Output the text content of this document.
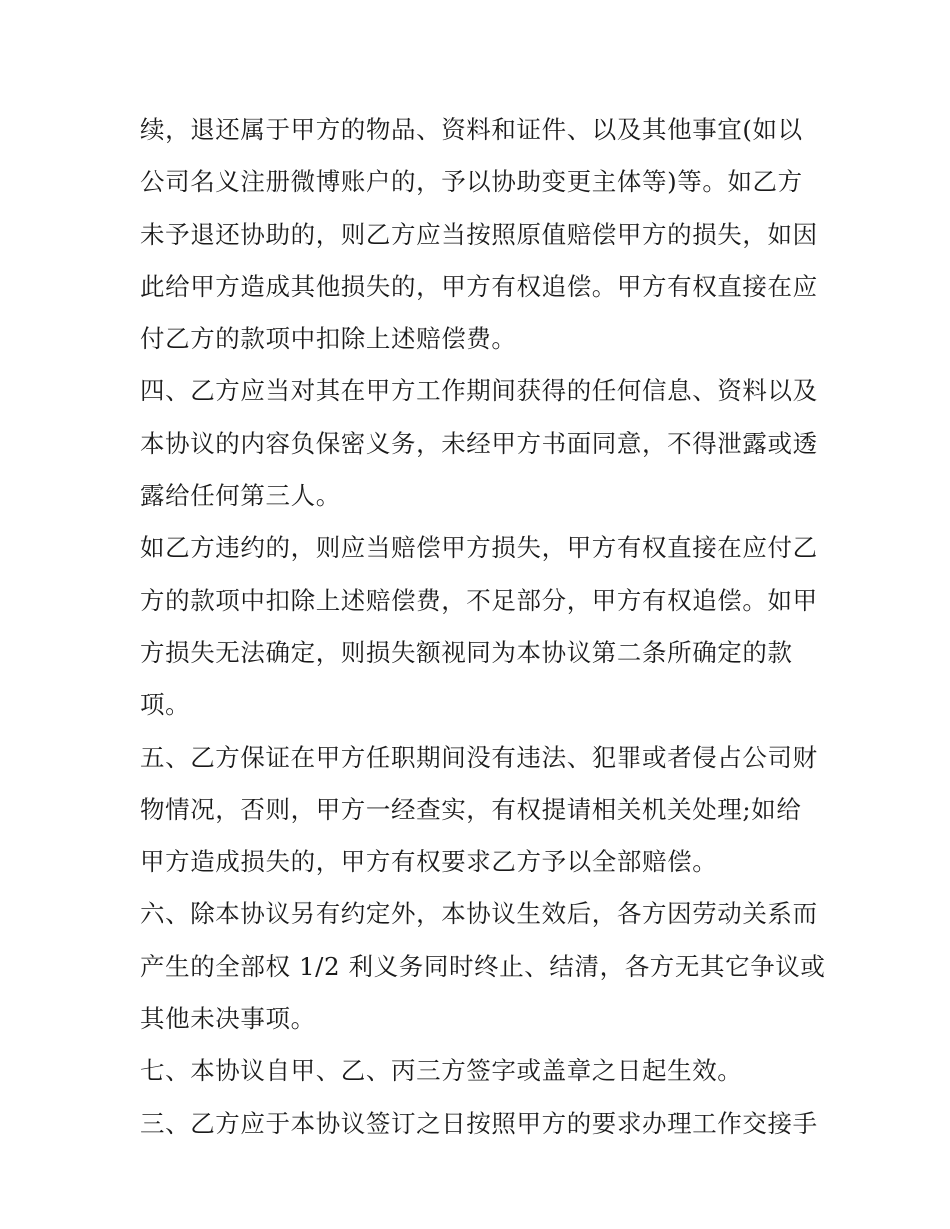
续，退还属于甲方的物品、资料和证件、以及其他事宜(如以
公司名义注册微博账户的，予以协助变更主体等)等。如乙方
未予退还协助的，则乙方应当按照原值赔偿甲方的损失，如因
此给甲方造成其他损失的，甲方有权追偿。甲方有权直接在应
付乙方的款项中扣除上述赔偿费。
四、乙方应当对其在甲方工作期间获得的任何信息、资料以及
本协议的内容负保密义务，未经甲方书面同意，不得泄露或透
露给任何第三人。
如乙方违约的，则应当赔偿甲方损失，甲方有权直接在应付乙
方的款项中扣除上述赔偿费，不足部分，甲方有权追偿。如甲
方损失无法确定，则损失额视同为本协议第二条所确定的款
项。
五、乙方保证在甲方任职期间没有违法、犯罪或者侵占公司财
物情况，否则，甲方一经查实，有权提请相关机关处理;如给
甲方造成损失的，甲方有权要求乙方予以全部赔偿。
六、除本协议另有约定外，本协议生效后，各方因劳动关系而
产生的全部权 1/2 利义务同时终止、结清，各方无其它争议或
其他未决事项。
七、本协议自甲、乙、丙三方签字或盖章之日起生效。
三、乙方应于本协议签订之日按照甲方的要求办理工作交接手
